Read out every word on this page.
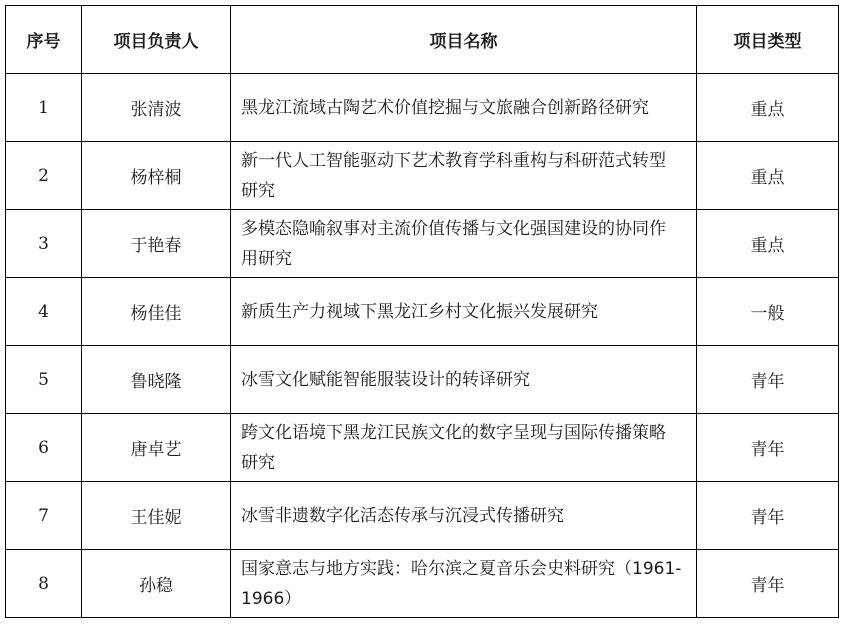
序号	项目负责人	项目名称	项目类型
1	张清波	黑龙江流域古陶艺术价值挖掘与文旅融合创新路径研究	重点
2	杨梓桐	新一代人工智能驱动下艺术教育学科重构与科研范式转型研究	重点
3	于艳春	多模态隐喻叙事对主流价值传播与文化强国建设的协同作用研究	重点
4	杨佳佳	新质生产力视域下黑龙江乡村文化振兴发展研究	一般
5	鲁晓隆	冰雪文化赋能智能服装设计的转译研究	青年
6	唐卓艺	跨文化语境下黑龙江民族文化的数字呈现与国际传播策略研究	青年
7	王佳妮	冰雪非遗数字化活态传承与沉浸式传播研究	青年
8	孙稳	国家意志与地方实践：哈尔滨之夏音乐会史料研究（1961-1966）	青年
